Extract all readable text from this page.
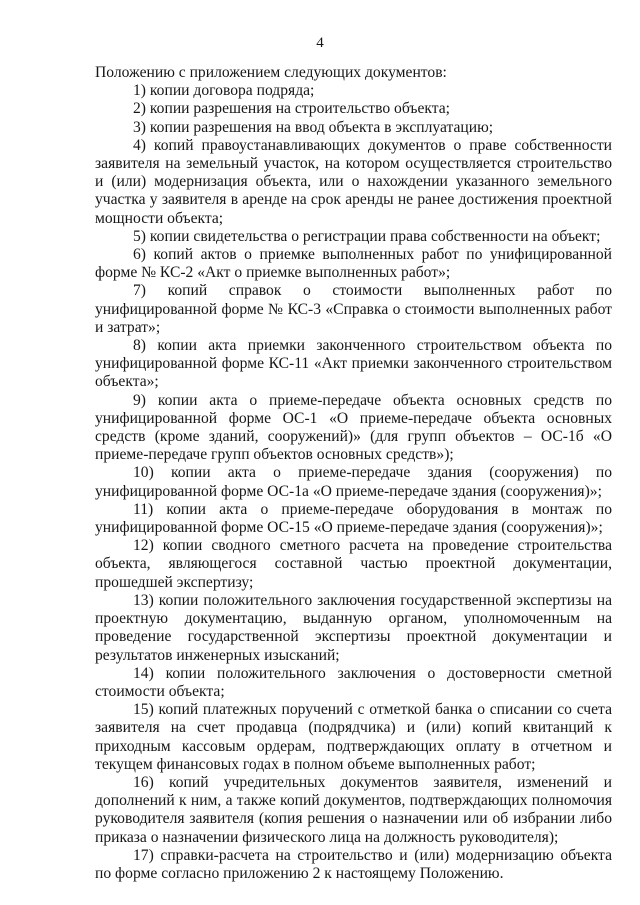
4

Положению с приложением следующих документов:

1) копии договора подряда;

2) копии разрешения на строительство объекта;

3) копии разрешения на ввод объекта в эксплуатацию;

4) копий правоустанавливающих документов о праве собственности заявителя на земельный участок, на котором осуществляется строительство и (или) модернизация объекта, или о нахождении указанного земельного участка у заявителя в аренде на срок аренды не ранее достижения проектной мощности объекта;

5) копии свидетельства о регистрации права собственности на объект;

6) копий актов о приемке выполненных работ по унифицированной форме № КС-2 «Акт о приемке выполненных работ»;

7) копий справок о стоимости выполненных работ по унифицированной форме № КС-3 «Справка о стоимости выполненных работ и затрат»;

8) копии акта приемки законченного строительством объекта по унифицированной форме КС-11 «Акт приемки законченного строительством объекта»;

9) копии акта о приеме-передаче объекта основных средств по унифицированной форме ОС-1 «О приеме-передаче объекта основных средств (кроме зданий, сооружений)» (для групп объектов – ОС-1б «О приеме-передаче групп объектов основных средств»);

10) копии акта о приеме-передаче здания (сооружения) по унифицированной форме ОС-1а «О приеме-передаче здания (сооружения)»;

11) копии акта о приеме-передаче оборудования в монтаж по унифицированной форме ОС-15 «О приеме-передаче здания (сооружения)»;

12) копии сводного сметного расчета на проведение строительства объекта, являющегося составной частью проектной документации, прошедшей экспертизу;

13) копии положительного заключения государственной экспертизы на проектную документацию, выданную органом, уполномоченным на проведение государственной экспертизы проектной документации и результатов инженерных изысканий;

14) копии положительного заключения о достоверности сметной стоимости объекта;

15) копий платежных поручений с отметкой банка о списании со счета заявителя на счет продавца (подрядчика) и (или) копий квитанций к приходным кассовым ордерам, подтверждающих оплату в отчетном и текущем финансовых годах в полном объеме выполненных работ;

16) копий учредительных документов заявителя, изменений и дополнений к ним, а также копий документов, подтверждающих полномочия руководителя заявителя (копия решения о назначении или об избрании либо приказа о назначении физического лица на должность руководителя);

17) справки-расчета на строительство и (или) модернизацию объекта по форме согласно приложению 2 к настоящему Положению.
